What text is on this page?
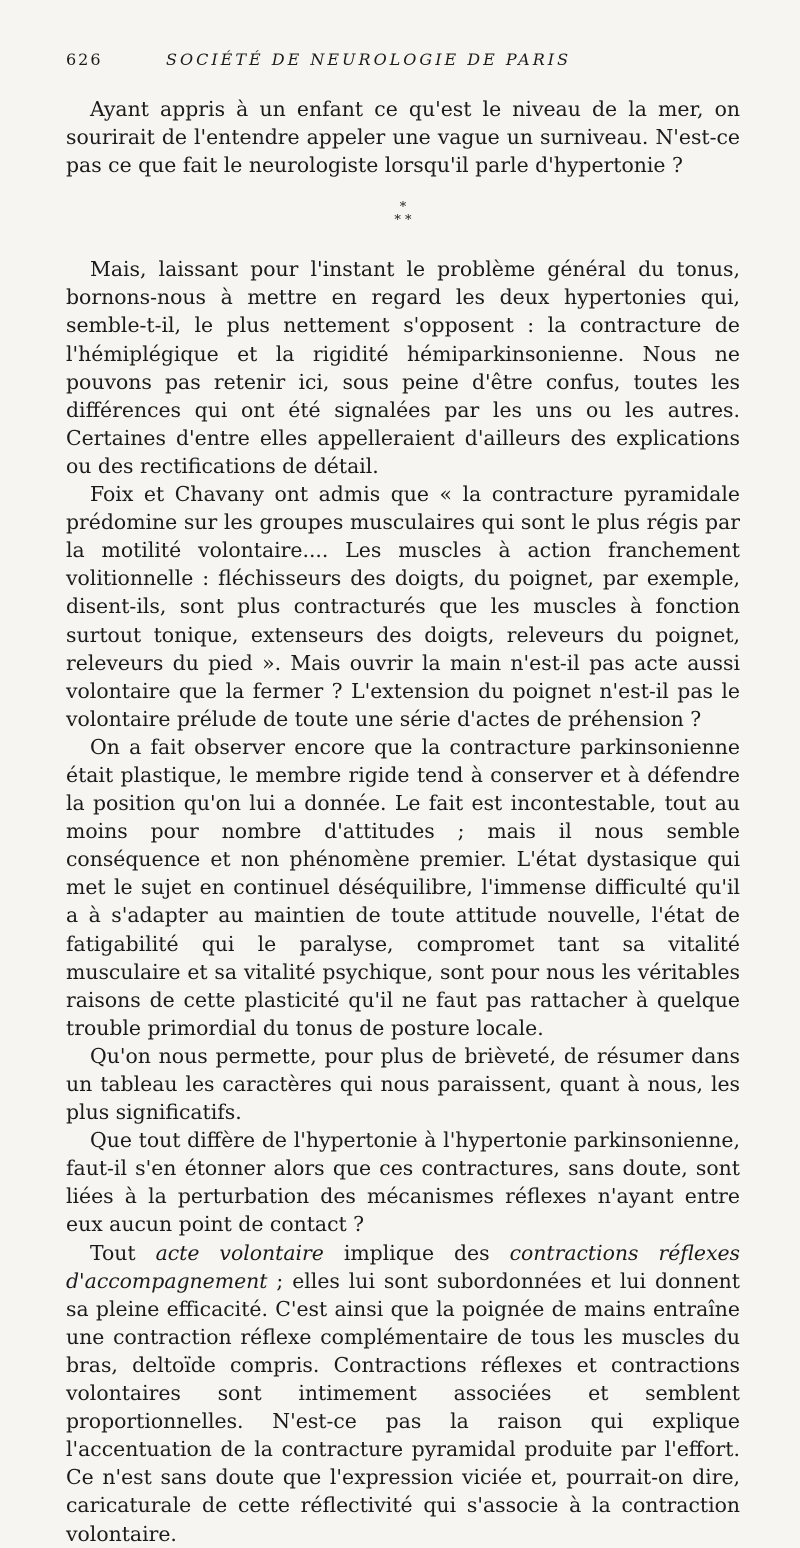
626	SOCIÉTÉ DE NEUROLOGIE DE PARIS

Ayant appris à un enfant ce qu'est le niveau de la mer, on sourirait de l'entendre appeler une vague un surniveau. N'est-ce pas ce que fait le neurologiste lorsqu'il parle d'hypertonie ?

*
* *

Mais, laissant pour l'instant le problème général du tonus, bornons-nous à mettre en regard les deux hypertonies qui, semble-t-il, le plus nettement s'opposent : la contracture de l'hémiplégique et la rigidité hémiparkinsonienne. Nous ne pouvons pas retenir ici, sous peine d'être confus, toutes les différences qui ont été signalées par les uns ou les autres. Certaines d'entre elles appelleraient d'ailleurs des explications ou des rectifications de détail.

Foix et Chavany ont admis que « la contracture pyramidale prédomine sur les groupes musculaires qui sont le plus régis par la motilité volontaire.... Les muscles à action franchement volitionnelle : fléchisseurs des doigts, du poignet, par exemple, disent-ils, sont plus contracturés que les muscles à fonction surtout tonique, extenseurs des doigts, releveurs du poignet, releveurs du pied ». Mais ouvrir la main n'est-il pas acte aussi volontaire que la fermer ? L'extension du poignet n'est-il pas le volontaire prélude de toute une série d'actes de préhension ?

On a fait observer encore que la contracture parkinsonienne était plastique, le membre rigide tend à conserver et à défendre la position qu'on lui a donnée. Le fait est incontestable, tout au moins pour nombre d'attitudes ; mais il nous semble conséquence et non phénomène premier. L'état dystasique qui met le sujet en continuel déséquilibre, l'immense difficulté qu'il a à s'adapter au maintien de toute attitude nouvelle, l'état de fatigabilité qui le paralyse, compromet tant sa vitalité musculaire et sa vitalité psychique, sont pour nous les véritables raisons de cette plasticité qu'il ne faut pas rattacher à quelque trouble primordial du tonus de posture locale.

Qu'on nous permette, pour plus de brièveté, de résumer dans un tableau les caractères qui nous paraissent, quant à nous, les plus significatifs.

Que tout diffère de l'hypertonie à l'hypertonie parkinsonienne, faut-il s'en étonner alors que ces contractures, sans doute, sont liées à la perturbation des mécanismes réflexes n'ayant entre eux aucun point de contact ?

Tout acte volontaire implique des contractions réflexes d'accompagnement ; elles lui sont subordonnées et lui donnent sa pleine efficacité. C'est ainsi que la poignée de mains entraîne une contraction réflexe complémentaire de tous les muscles du bras, deltoïde compris. Contractions réflexes et contractions volontaires sont intimement associées et semblent proportionnelles. N'est-ce pas la raison qui explique l'accentuation de la contracture pyramidal produite par l'effort. Ce n'est sans doute que l'expression viciée et, pourrait-on dire, caricaturale de cette réflectivité qui s'associe à la contraction volontaire.
